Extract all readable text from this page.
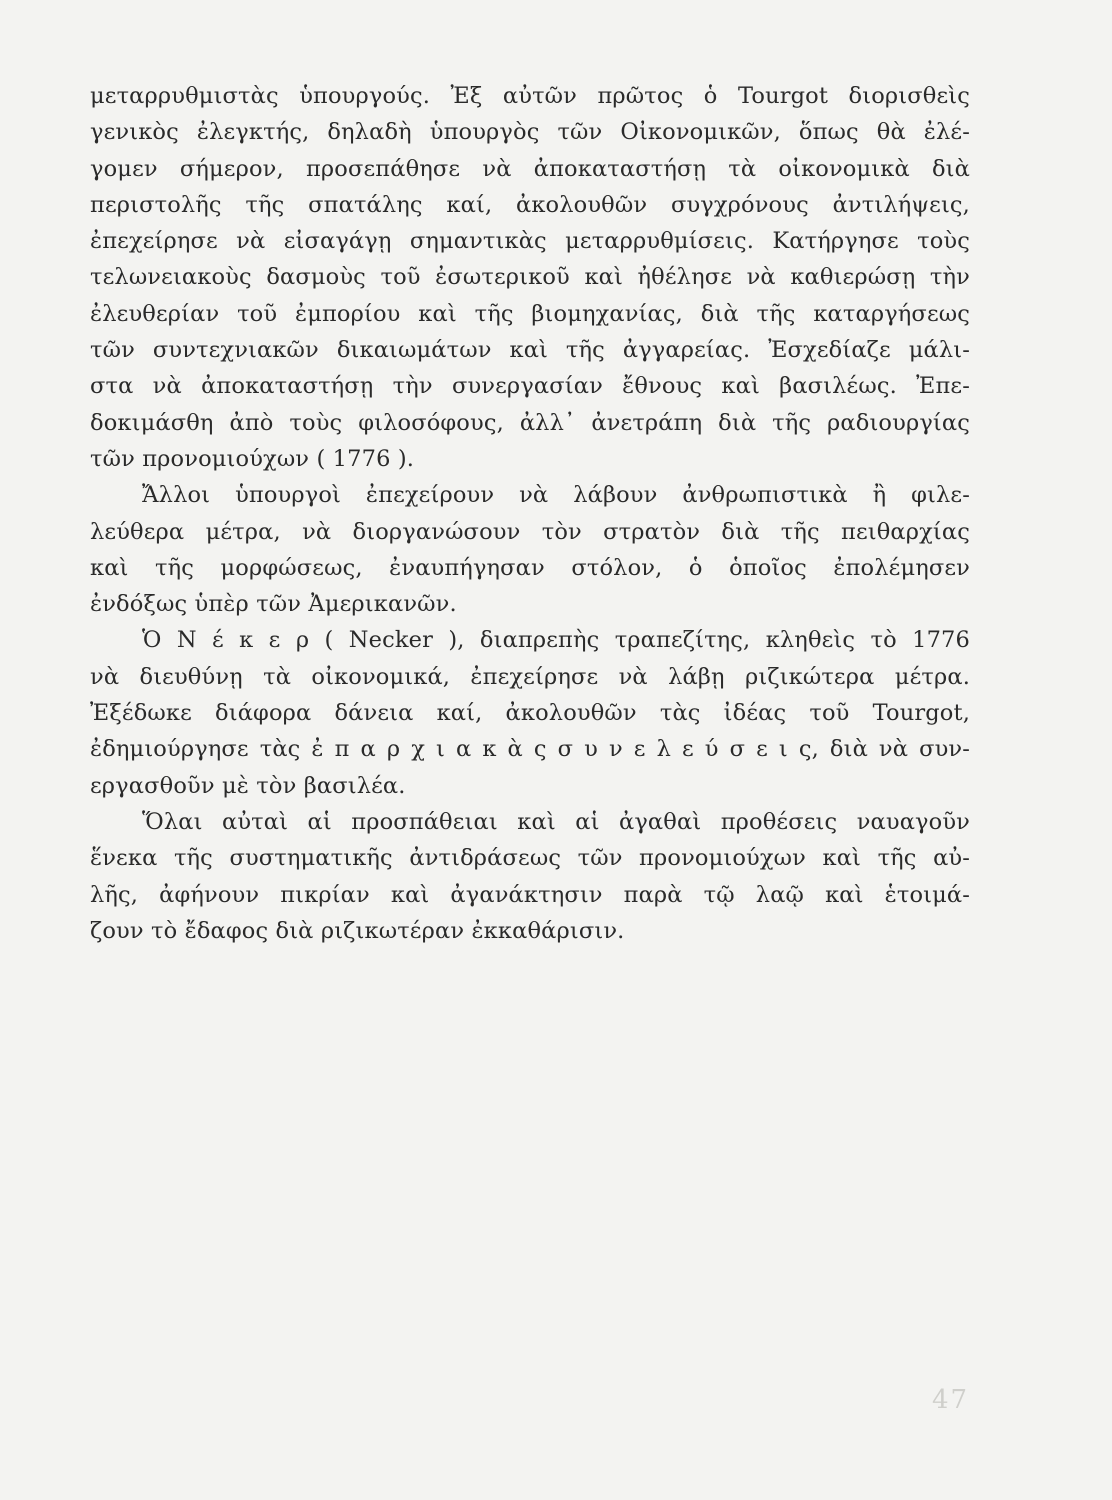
μεταρρυθμιστὰς ὑπουργούς. Ἐξ αὐτῶν πρῶτος ὁ Tourgot διορισθεὶς
γενικὸς ἐλεγκτής, δηλαδὴ ὑπουργὸς τῶν Οἰκονομικῶν, ὅπως θὰ ἐλέ-
γομεν σήμερον, προσεπάθησε νὰ ἀποκαταστήσῃ τὰ οἰκονομικὰ διὰ
περιστολῆς τῆς σπατάλης καί, ἀκολουθῶν συγχρόνους ἀντιλήψεις,
ἐπεχείρησε νὰ εἰσαγάγῃ σημαντικὰς μεταρρυθμίσεις. Κατήργησε τοὺς
τελωνειακοὺς δασμοὺς τοῦ ἐσωτερικοῦ καὶ ἠθέλησε νὰ καθιερώσῃ τὴν
ἐλευθερίαν τοῦ ἐμπορίου καὶ τῆς βιομηχανίας, διὰ τῆς καταργήσεως
τῶν συντεχνιακῶν δικαιωμάτων καὶ τῆς ἀγγαρείας. Ἐσχεδίαζε μάλι-
στα νὰ ἀποκαταστήσῃ τὴν συνεργασίαν ἔθνους καὶ βασιλέως. Ἐπε-
δοκιμάσθη ἀπὸ τοὺς φιλοσόφους, ἀλλ᾽ ἀνετράπη διὰ τῆς ραδιουργίας
τῶν προνομιούχων ( 1776 ).
Ἄλλοι ὑπουργοὶ ἐπεχείρουν νὰ λάβουν ἀνθρωπιστικὰ ἢ φιλε-
λεύθερα μέτρα, νὰ διοργανώσουν τὸν στρατὸν διὰ τῆς πειθαρχίας
καὶ τῆς μορφώσεως, ἐναυπήγησαν στόλον, ὁ ὁποῖος ἐπολέμησεν
ἐνδόξως ὑπὲρ τῶν Ἀμερικανῶν.
Ὁ Ν έ κ ε ρ ( Necker ), διαπρεπὴς τραπεζίτης, κληθεὶς τὸ 1776
νὰ διευθύνῃ τὰ οἰκονομικά, ἐπεχείρησε νὰ λάβῃ ριζικώτερα μέτρα.
Ἐξέδωκε διάφορα δάνεια καί, ἀκολουθῶν τὰς ἰδέας τοῦ Tourgot,
ἐδημιούργησε τὰς ἐ π α ρ χ ι α κ ὰ ς σ υ ν ε λ ε ύ σ ε ι ς, διὰ νὰ συν-
εργασθοῦν μὲ τὸν βασιλέα.
Ὅλαι αὐταὶ αἱ προσπάθειαι καὶ αἱ ἀγαθαὶ προθέσεις ναυαγοῦν
ἕνεκα τῆς συστηματικῆς ἀντιδράσεως τῶν προνομιούχων καὶ τῆς αὐ-
λῆς, ἀφήνουν πικρίαν καὶ ἀγανάκτησιν παρὰ τῷ λαῷ καὶ ἑτοιμά-
ζουν τὸ ἔδαφος διὰ ριζικωτέραν ἐκκαθάρισιν.
47
